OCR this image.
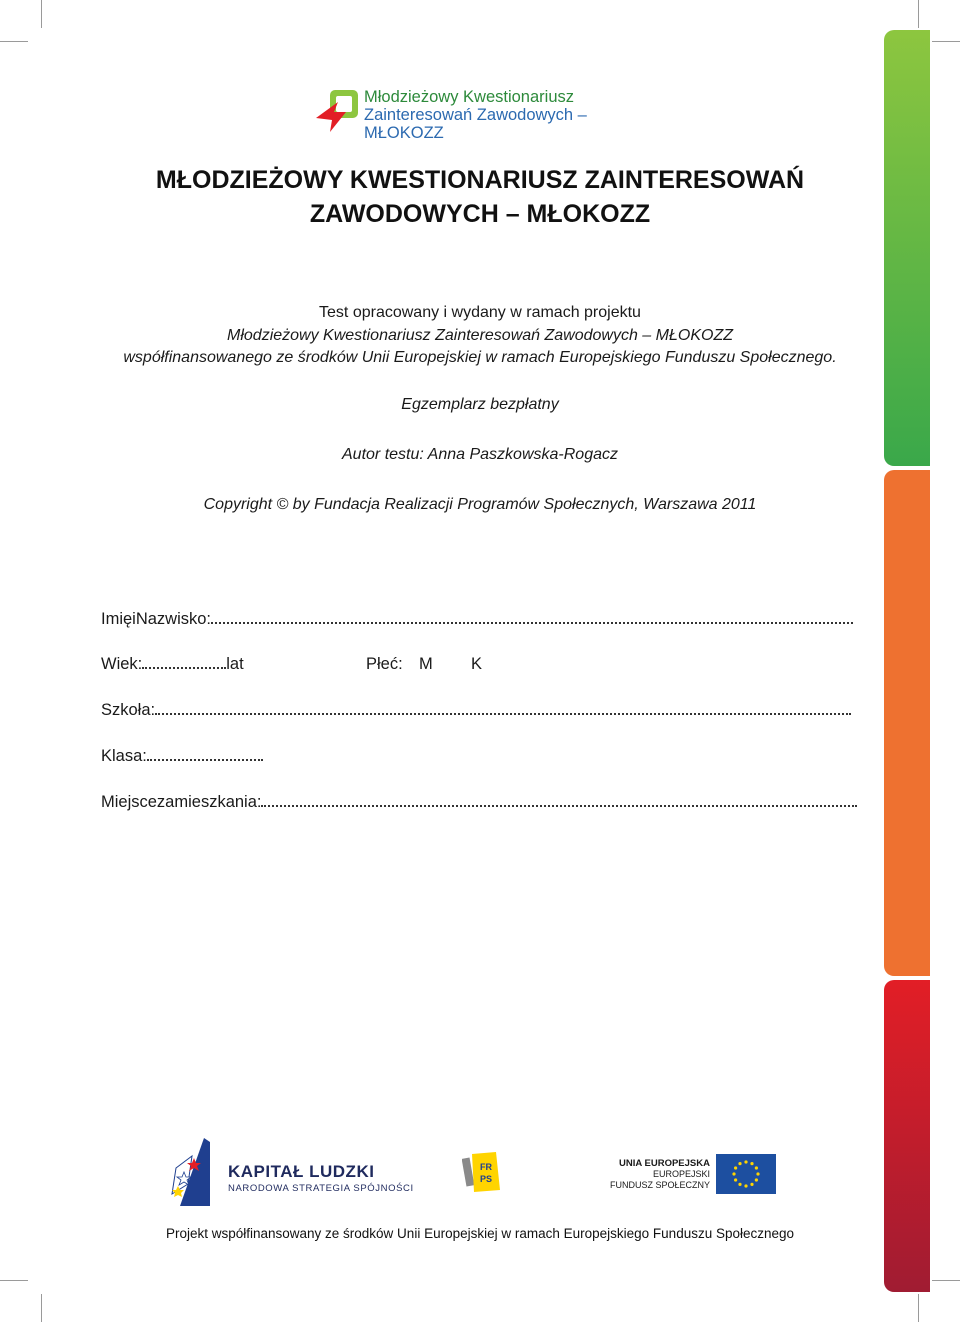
Młodzieżowy Kwestionariusz
Zainteresowań Zawodowych – MŁOKOZZ
MŁODZIEŻOWY KWESTIONARIUSZ ZAINTERESOWAŃ
ZAWODOWYCH – MŁOKOZZ
Test opracowany i wydany w ramach projektu
Młodzieżowy Kwestionariusz Zainteresowań Zawodowych – MŁOKOZZ
współfinansowanego ze środków Unii Europejskiej w ramach Europejskiego Funduszu Społecznego.
Egzemplarz bezpłatny
Autor testu: Anna Paszkowska-Rogacz
Copyright © by Fundacja Realizacji Programów Społecznych, Warszawa 2011
ImięiNazwisko:
Wiek:	lat	Płeć: M K
Szkoła:
Klasa:
Miejscezamieszkania:
KAPITAŁ LUDZKI
NARODOWA STRATEGIA SPÓJNOŚCI
FR
PS
UNIA EUROPEJSKA
EUROPEJSKI
FUNDUSZ SPOŁECZNY
Projekt współfinansowany ze środków Unii Europejskiej w ramach Europejskiego Funduszu Społecznego
